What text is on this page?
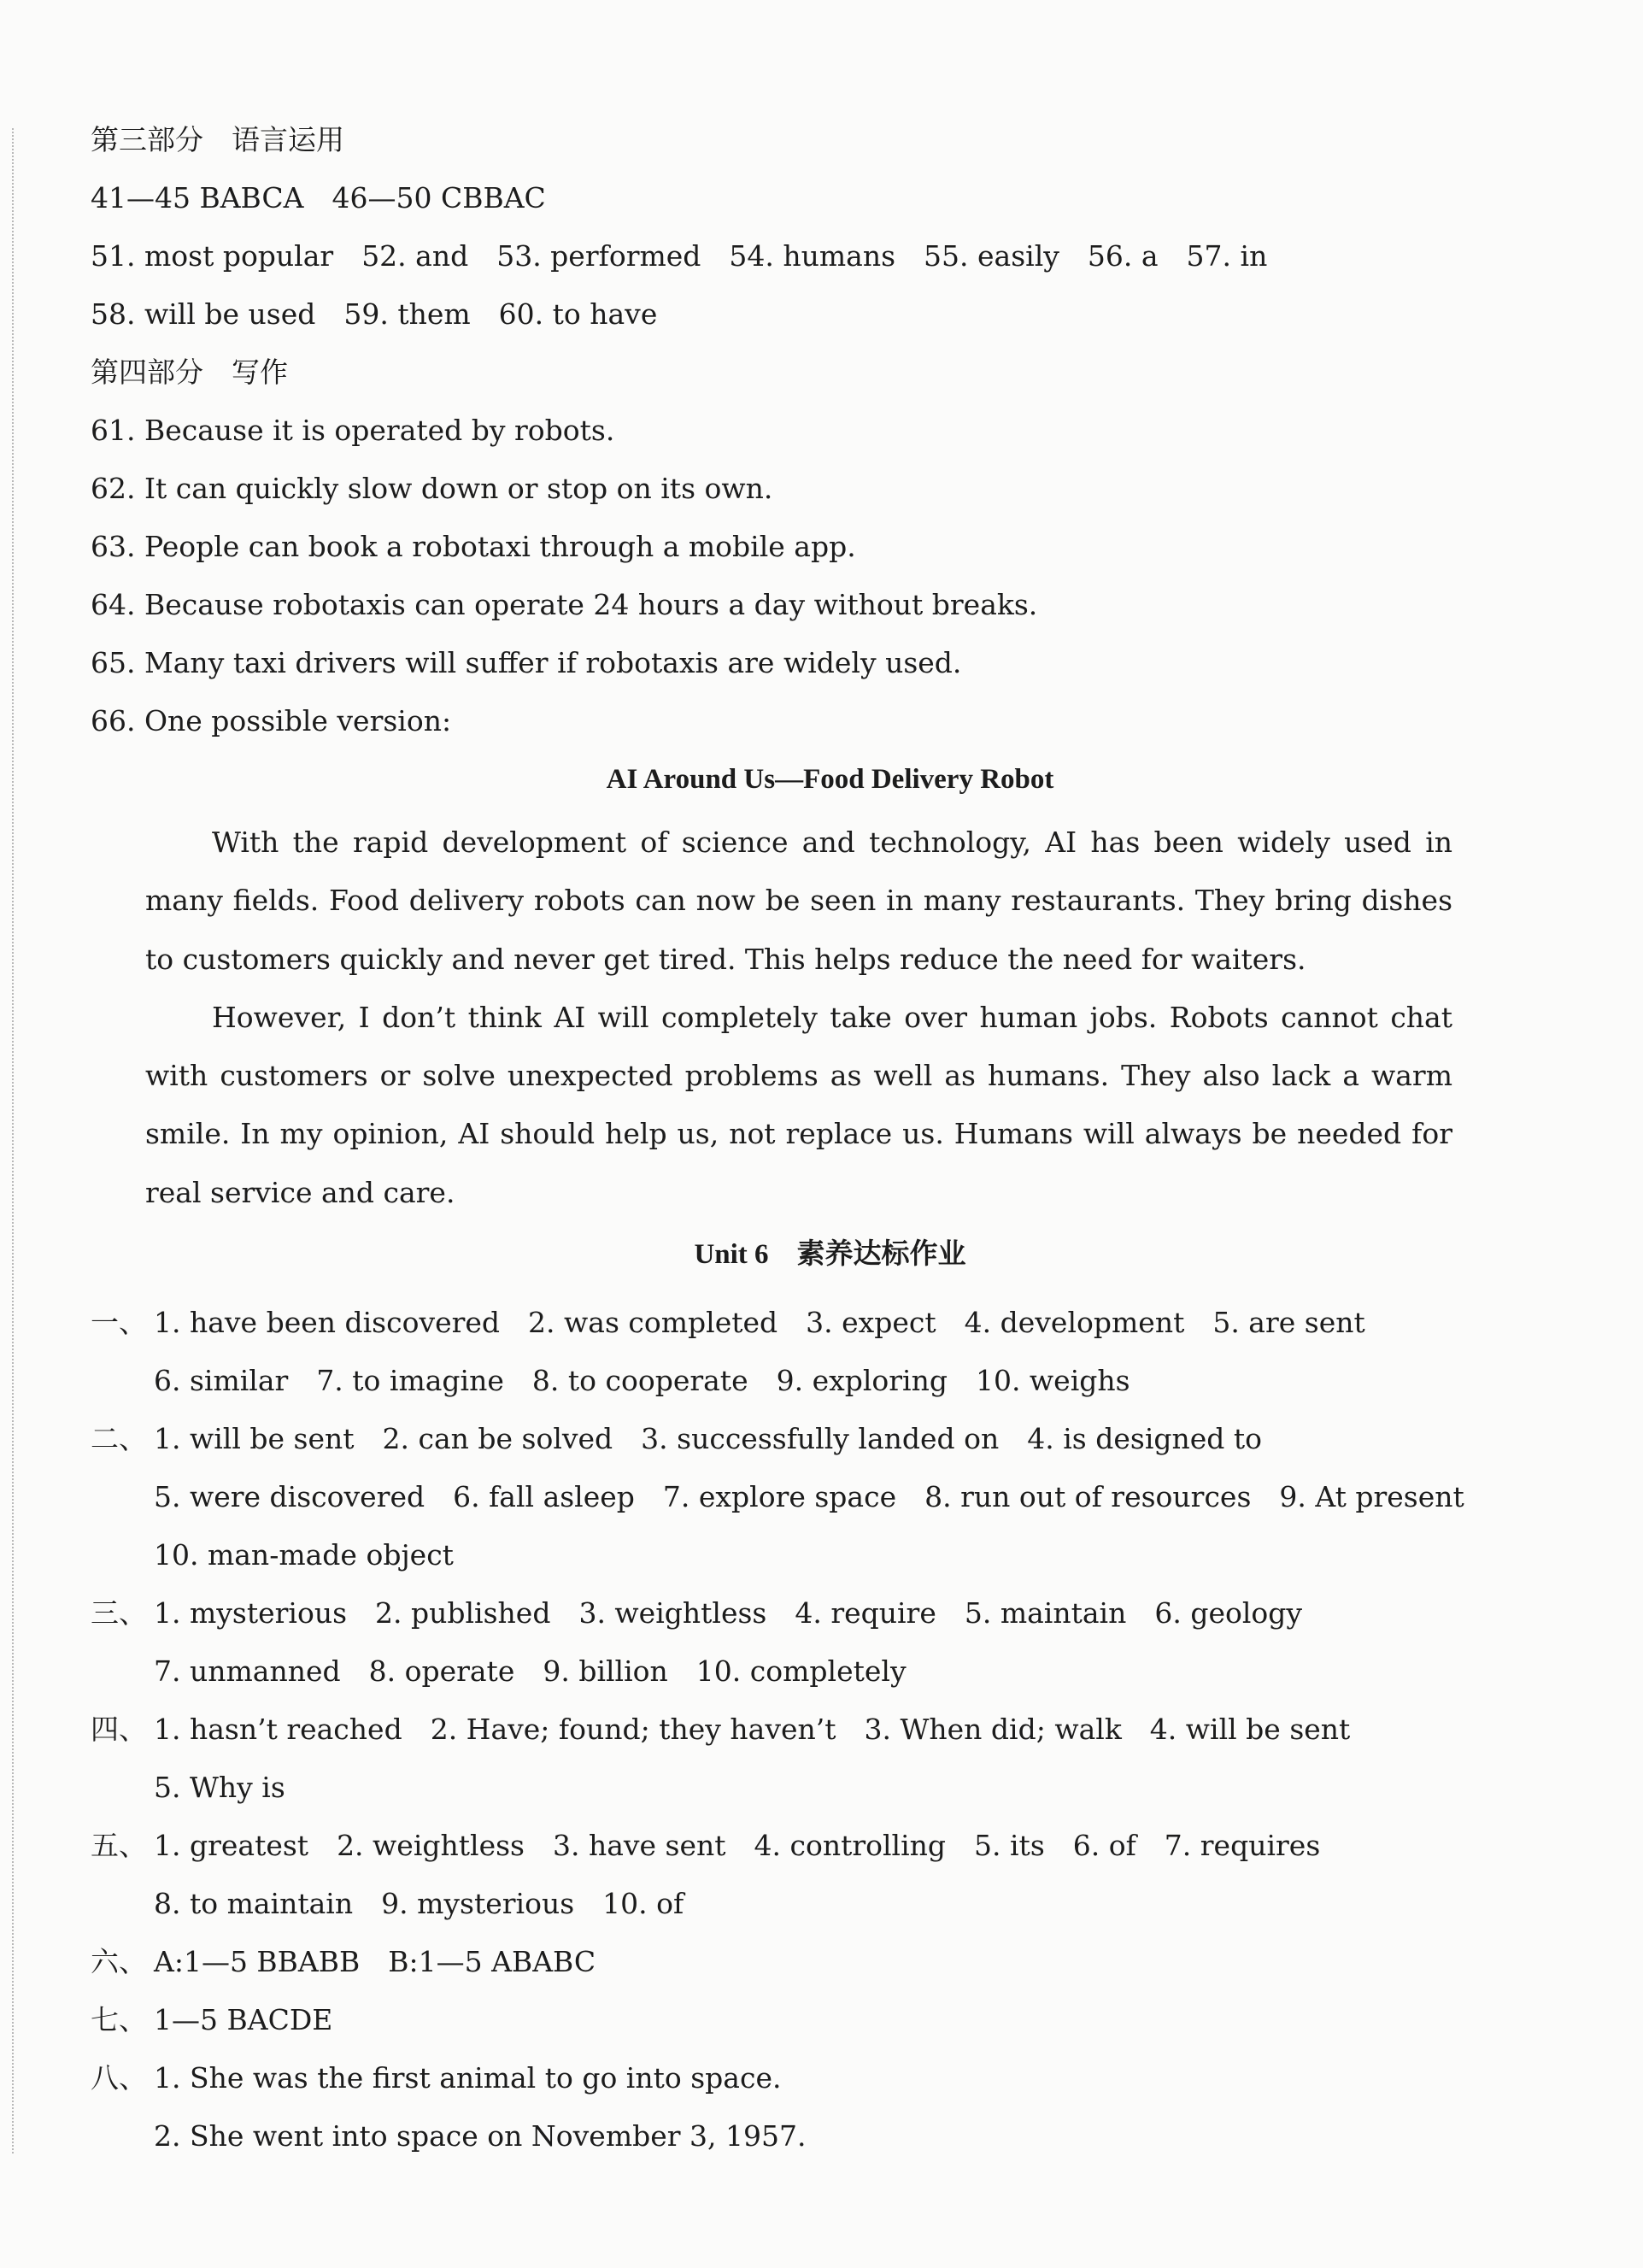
第三部分　语言运用
41—45 BABCA　46—50 CBBAC
51. most popular　52. and　53. performed　54. humans　55. easily　56. a　57. in
58. will be used　59. them　60. to have
第四部分　写作
61. Because it is operated by robots.
62. It can quickly slow down or stop on its own.
63. People can book a robotaxi through a mobile app.
64. Because robotaxis can operate 24 hours a day without breaks.
65. Many taxi drivers will suffer if robotaxis are widely used.
66. One possible version:
AI Around Us—Food Delivery Robot

With the rapid development of science and technology, AI has been widely used in many fields. Food delivery robots can now be seen in many restaurants. They bring dishes to customers quickly and never get tired. This helps reduce the need for waiters.

However, I don’t think AI will completely take over human jobs. Robots cannot chat with customers or solve unexpected problems as well as humans. They also lack a warm smile. In my opinion, AI should help us, not replace us. Humans will always be needed for real service and care.

Unit 6　素养达标作业
一、 1. have been discovered　2. was completed　3. expect　4. development　5. are sent
6. similar　7. to imagine　8. to cooperate　9. exploring　10. weighs
二、 1. will be sent　2. can be solved　3. successfully landed on　4. is designed to
5. were discovered　6. fall asleep　7. explore space　8. run out of resources　9. At present
10. man-made object
三、 1. mysterious　2. published　3. weightless　4. require　5. maintain　6. geology
7. unmanned　8. operate　9. billion　10. completely
四、 1. hasn’t reached　2. Have; found; they haven’t　3. When did; walk　4. will be sent
5. Why is
五、 1. greatest　2. weightless　3. have sent　4. controlling　5. its　6. of　7. requires
8. to maintain　9. mysterious　10. of
六、 A:1—5 BBABB　B:1—5 ABABC
七、 1—5 BACDE
八、 1. She was the first animal to go into space.
2. She went into space on November 3, 1957.
